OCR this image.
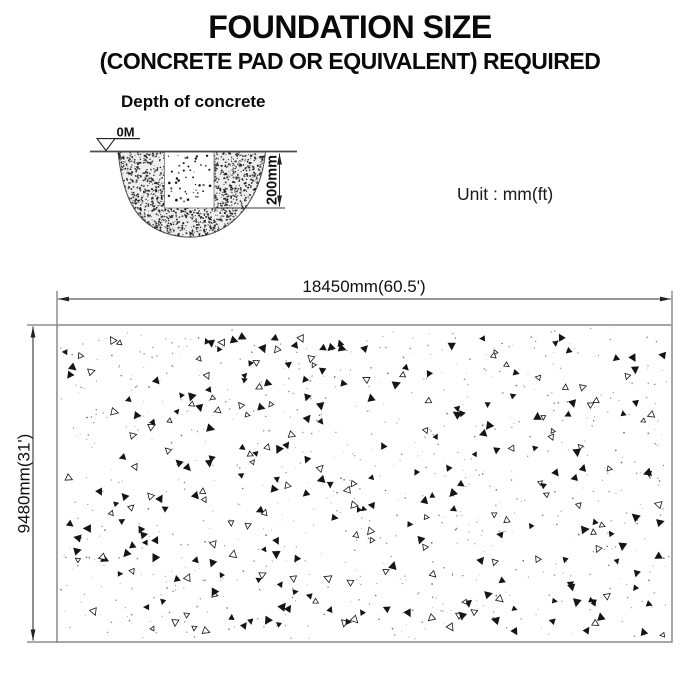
FOUNDATION SIZE
(CONCRETE PAD OR EQUIVALENT) REQUIRED
Depth of concrete
Unit : mm(ft)
0M
200mm
18450mm(60.5')
9480mm(31')
